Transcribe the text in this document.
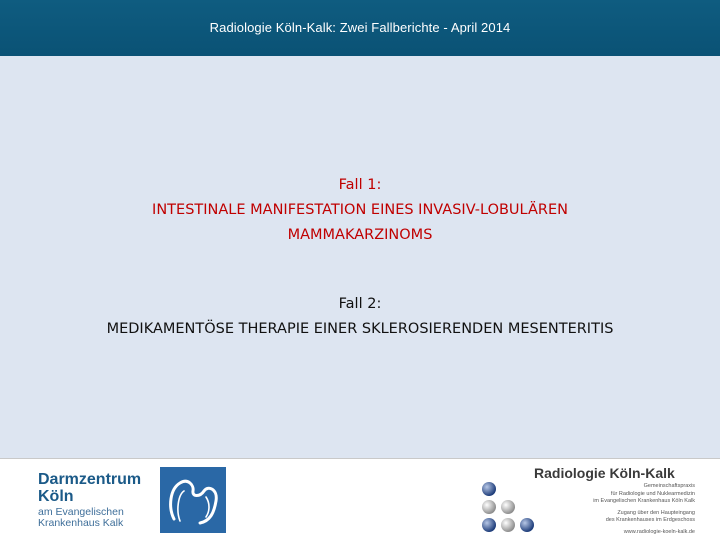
Radiologie Köln-Kalk: Zwei Fallberichte - April 2014
Fall 1:
INTESTINALE MANIFESTATION EINES INVASIV-LOBULÄREN
MAMMAKARZINOMS
Fall 2:
MEDIKAMENTÖSE THERAPIE EINER SKLEROSIERENDEN MESENTERITIS
Darmzentrum
Köln
am Evangelischen
Krankenhaus Kalk
Radiologie Köln-Kalk
Gemeinschaftspraxis
für Radiologie und Nuklearmedizin
im Evangelischen Krankenhaus Köln Kalk
Zugang über den Haupteingang
des Krankenhauses im Erdgeschoss
www.radiologie-koeln-kalk.de
